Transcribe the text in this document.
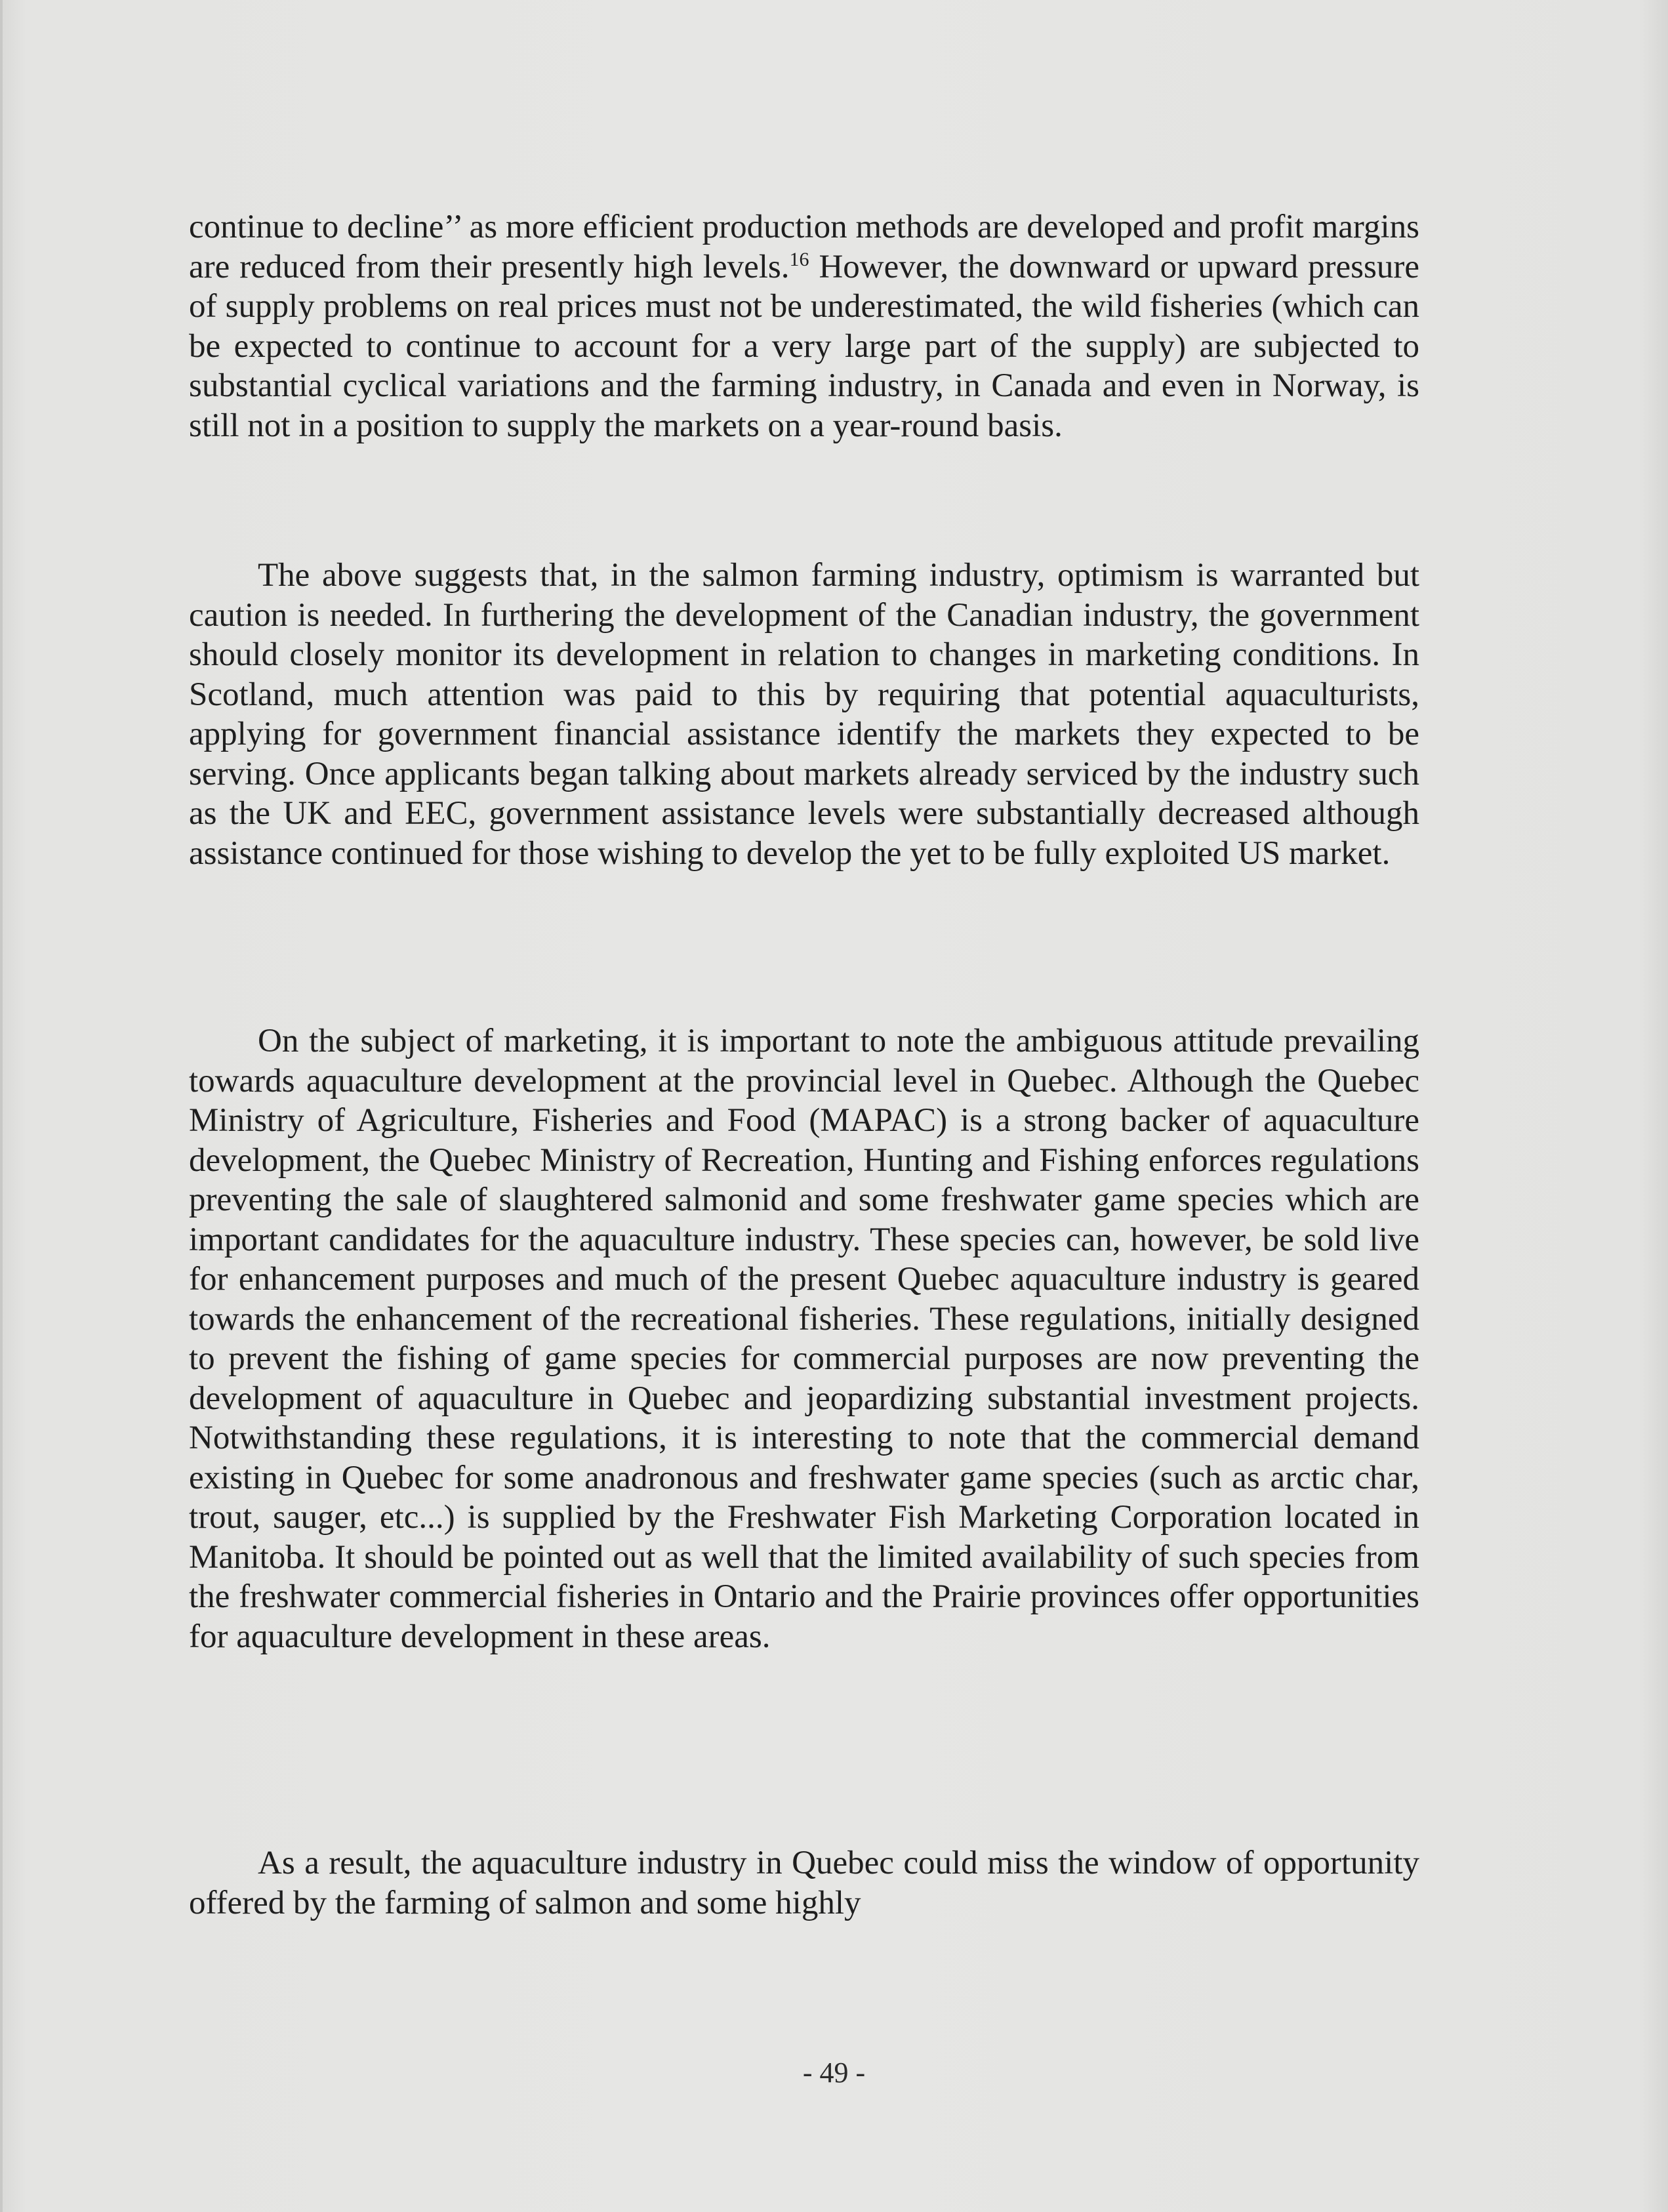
continue to decline’’ as more efficient production methods are developed and profit margins are reduced from their presently high levels.$^{16}$ However, the downward or upward pressure of supply problems on real prices must not be underestimated, the wild fisheries (which can be expected to continue to account for a very large part of the supply) are subjected to substantial cyclical variations and the farming industry, in Canada and even in Norway, is still not in a position to supply the markets on a year-round basis.

The above suggests that, in the salmon farming industry, optimism is warranted but caution is needed. In furthering the development of the Canadian industry, the government should closely monitor its development in relation to changes in marketing conditions. In Scotland, much attention was paid to this by requiring that potential aquaculturists, applying for government financial assistance identify the markets they expected to be serving. Once applicants began talking about markets already serviced by the industry such as the UK and EEC, government assistance levels were substantially decreased although assistance continued for those wishing to develop the yet to be fully exploited US market.

On the subject of marketing, it is important to note the ambiguous attitude prevailing towards aquaculture development at the provincial level in Quebec. Although the Quebec Ministry of Agriculture, Fisheries and Food (MAPAC) is a strong backer of aquaculture development, the Quebec Ministry of Recreation, Hunting and Fishing enforces regulations preventing the sale of slaughtered salmonid and some freshwater game species which are important candidates for the aquaculture industry. These species can, however, be sold live for enhancement purposes and much of the present Quebec aquaculture industry is geared towards the enhancement of the recreational fisheries. These regulations, initially designed to prevent the fishing of game species for commercial purposes are now preventing the development of aquaculture in Quebec and jeopardizing substantial investment projects. Notwithstanding these regulations, it is interesting to note that the commercial demand existing in Quebec for some anadronous and freshwater game species (such as arctic char, trout, sauger, etc...) is supplied by the Freshwater Fish Marketing Corporation located in Manitoba. It should be pointed out as well that the limited availability of such species from the freshwater commercial fisheries in Ontario and the Prairie provinces offer opportunities for aquaculture development in these areas.

As a result, the aquaculture industry in Quebec could miss the window of opportunity offered by the farming of salmon and some highly

- 49 -
